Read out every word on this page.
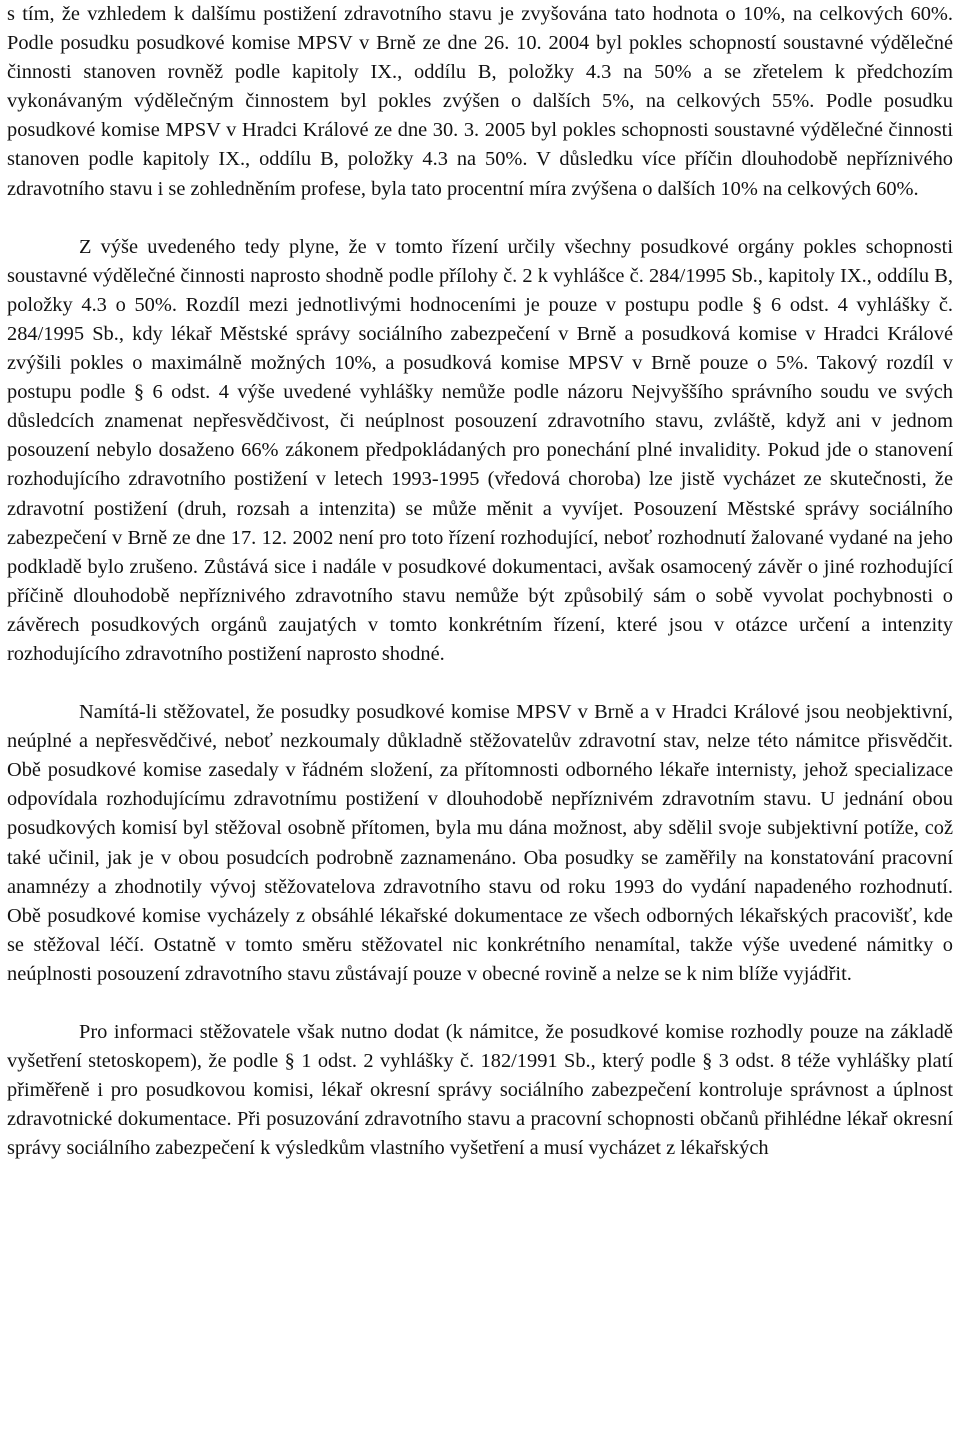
s tím, že vzhledem k dalšímu postižení zdravotního stavu je zvyšována tato hodnota o 10%, na celkových 60%. Podle posudku posudkové komise MPSV v Brně ze dne 26. 10. 2004 byl pokles schopností soustavné výdělečné činnosti stanoven rovněž podle kapitoly IX., oddílu B, položky 4.3 na 50% a se zřetelem k předchozím vykonávaným výdělečným činnostem byl pokles zvýšen o dalších 5%, na celkových 55%. Podle posudku posudkové komise MPSV v Hradci Králové ze dne 30. 3. 2005 byl pokles schopnosti soustavné výdělečné činnosti stanoven podle kapitoly IX., oddílu B, položky 4.3 na 50%. V důsledku více příčin dlouhodobě nepříznivého zdravotního stavu i se zohledněním profese, byla tato procentní míra zvýšena o dalších 10% na celkových 60%.

Z výše uvedeného tedy plyne, že v tomto řízení určily všechny posudkové orgány pokles schopnosti soustavné výdělečné činnosti naprosto shodně podle přílohy č. 2 k vyhlášce č. 284/1995 Sb., kapitoly IX., oddílu B, položky 4.3 o 50%. Rozdíl mezi jednotlivými hodnoceními je pouze v postupu podle § 6 odst. 4 vyhlášky č. 284/1995 Sb., kdy lékař Městské správy sociálního zabezpečení v Brně a posudková komise v Hradci Králové zvýšili pokles o maximálně možných 10%, a posudková komise MPSV v Brně pouze o 5%. Takový rozdíl v postupu podle § 6 odst. 4 výše uvedené vyhlášky nemůže podle názoru Nejvyššího správního soudu ve svých důsledcích znamenat nepřesvědčivost, či neúplnost posouzení zdravotního stavu, zvláště, když ani v jednom posouzení nebylo dosaženo 66% zákonem předpokládaných pro ponechání plné invalidity. Pokud jde o stanovení rozhodujícího zdravotního postižení v letech 1993-1995 (vředová choroba) lze jistě vycházet ze skutečnosti, že zdravotní postižení (druh, rozsah a intenzita) se může měnit a vyvíjet. Posouzení Městské správy sociálního zabezpečení v Brně ze dne 17. 12. 2002 není pro toto řízení rozhodující, neboť rozhodnutí žalované vydané na jeho podkladě bylo zrušeno. Zůstává sice i nadále v posudkové dokumentaci, avšak osamocený závěr o jiné rozhodující příčině dlouhodobě nepříznivého zdravotního stavu nemůže být způsobilý sám o sobě vyvolat pochybnosti o závěrech posudkových orgánů zaujatých v tomto konkrétním řízení, které jsou v otázce určení a intenzity rozhodujícího zdravotního postižení naprosto shodné.

Namítá-li stěžovatel, že posudky posudkové komise MPSV v Brně a v Hradci Králové jsou neobjektivní, neúplné a nepřesvědčivé, neboť nezkoumaly důkladně stěžovatelův zdravotní stav, nelze této námitce přisvědčit. Obě posudkové komise zasedaly v řádném složení, za přítomnosti odborného lékaře internisty, jehož specializace odpovídala rozhodujícímu zdravotnímu postižení v dlouhodobě nepříznivém zdravotním stavu. U jednání obou posudkových komisí byl stěžoval osobně přítomen, byla mu dána možnost, aby sdělil svoje subjektivní potíže, což také učinil, jak je v obou posudcích podrobně zaznamenáno. Oba posudky se zaměřily na konstatování pracovní anamnézy a zhodnotily vývoj stěžovatelova zdravotního stavu od roku 1993 do vydání napadeného rozhodnutí. Obě posudkové komise vycházely z obsáhlé lékařské dokumentace ze všech odborných lékařských pracovišť, kde se stěžoval léčí. Ostatně v tomto směru stěžovatel nic konkrétního nenamítal, takže výše uvedené námitky o neúplnosti posouzení zdravotního stavu zůstávají pouze v obecné rovině a nelze se k nim blíže vyjádřit.

Pro informaci stěžovatele však nutno dodat (k námitce, že posudkové komise rozhodly pouze na základě vyšetření stetoskopem), že podle § 1 odst. 2 vyhlášky č. 182/1991 Sb., který podle § 3 odst. 8 téže vyhlášky platí přiměřeně i pro posudkovou komisi, lékař okresní správy sociálního zabezpečení kontroluje správnost a úplnost zdravotnické dokumentace. Při posuzování zdravotního stavu a pracovní schopnosti občanů přihlédne lékař okresní správy sociálního zabezpečení k výsledkům vlastního vyšetření a musí vycházet z lékařských
